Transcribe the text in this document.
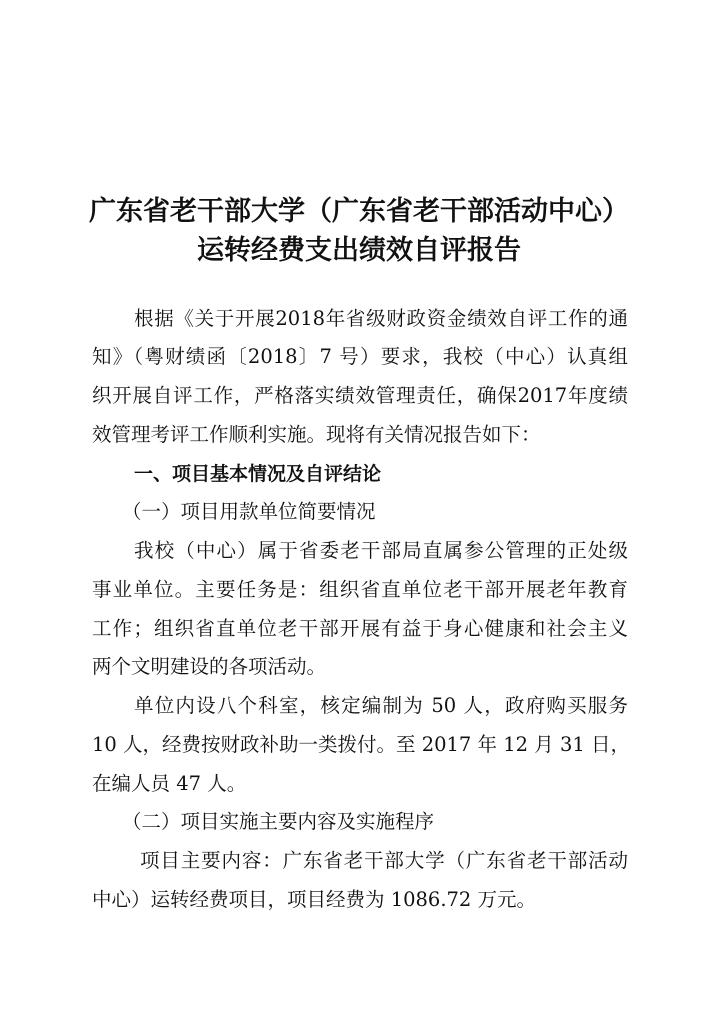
广东省老干部大学（广东省老干部活动中心）
运转经费支出绩效自评报告
根据《关于开展2018年省级财政资金绩效自评工作的通
知》（粤财绩函〔2018〕7 号）要求，我校（中心）认真组
织开展自评工作，严格落实绩效管理责任，确保2017年度绩
效管理考评工作顺利实施。现将有关情况报告如下：
一、项目基本情况及自评结论
（一）项目用款单位简要情况
我校（中心）属于省委老干部局直属参公管理的正处级
事业单位。主要任务是：组织省直单位老干部开展老年教育
工作；组织省直单位老干部开展有益于身心健康和社会主义
两个文明建设的各项活动。
单位内设八个科室，核定编制为 50 人，政府购买服务
10 人，经费按财政补助一类拨付。至 2017 年 12 月 31 日，
在编人员 47 人。
（二）项目实施主要内容及实施程序
项目主要内容：广东省老干部大学（广东省老干部活动
中心）运转经费项目，项目经费为 1086.72 万元。
